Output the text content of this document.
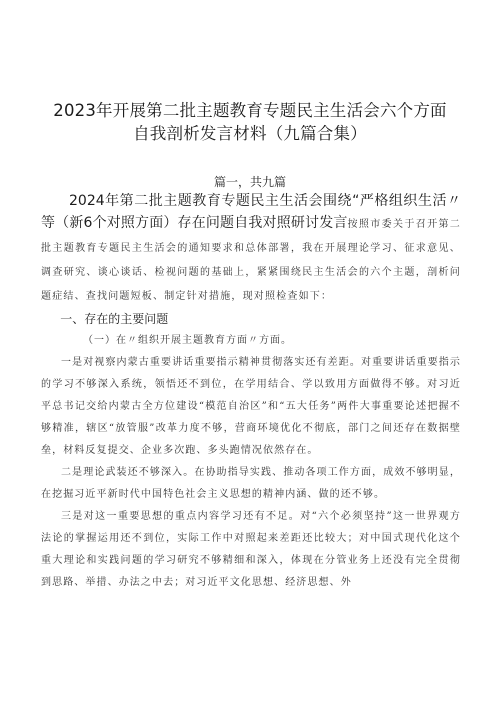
2023年开展第二批主题教育专题民主生活会六个方面
自我剖析发言材料（九篇合集）
篇一，共九篇

2024年第二批主题教育专题民主生活会围绕“严格组织生活〃等（新6个对照方面）存在问题自我对照研讨发言按照市委关于召开第二批主题教育专题民主生活会的通知要求和总体部署，我在开展理论学习、征求意见、调查研究、谈心谈话、检视问题的基础上，紧紧围绕民主生活会的六个主题，剖析问题症结、查找问题短板、制定针对措施，现对照检查如下：

一、存在的主要问题

（一）在〃组织开展主题教育方面〃方面。

一是对视察内蒙古重要讲话重要指示精神贯彻落实还有差距。对重要讲话重要指示的学习不够深入系统，领悟还不到位，在学用结合、学以致用方面做得不够。对习近平总书记交给内蒙古全方位建设“模范自治区”和“五大任务”两件大事重要论述把握不够精准，辖区“放管服”改革力度不够，营商环境优化不彻底，部门之间还存在数据壁垒，材料反复提交、企业多次跑、多头跑情况依然存在。

二是理论武装还不够深入。在协助指导实践、推动各项工作方面，成效不够明显，在挖掘习近平新时代中国特色社会主义思想的精神内涵、做的还不够。

三是对这一重要思想的重点内容学习还有不足。对“六个必须坚持”这一世界观方法论的掌握运用还不到位，实际工作中对照起来差距还比较大；对中国式现代化这个重大理论和实践问题的学习研究不够精细和深入，体现在分管业务上还没有完全贯彻到思路、举措、办法之中去；对习近平文化思想、经济思想、外
